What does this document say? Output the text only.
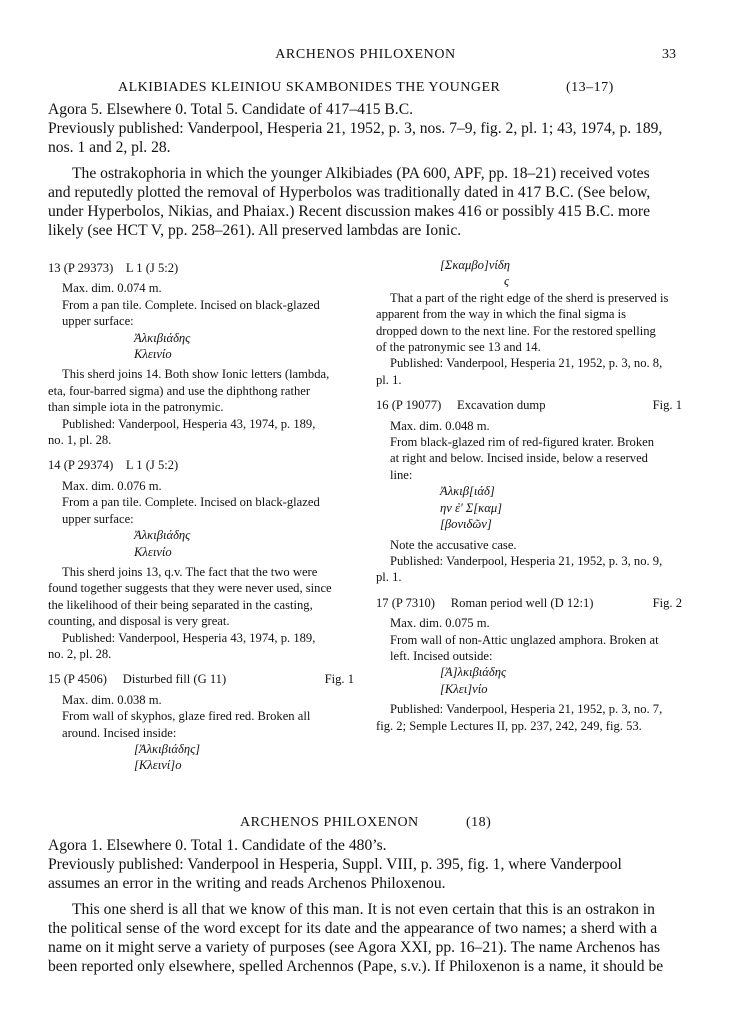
ARCHENOS PHILOXENON	33
ALKIBIADES KLEINIOU SKAMBONIDES THE YOUNGER	(13–17)
Agora 5. Elsewhere 0. Total 5. Candidate of 417–415 B.C.
Previously published: Vanderpool, Hesperia 21, 1952, p. 3, nos. 7–9, fig. 2, pl. 1; 43, 1974, p. 189,
nos. 1 and 2, pl. 28.
The ostrakophoria in which the younger Alkibiades (PA 600, APF, pp. 18–21) received votes
and reputedly plotted the removal of Hyperbolos was traditionally dated in 417 B.C. (See below,
under Hyperbolos, Nikias, and Phaiax.) Recent discussion makes 416 or possibly 415 B.C. more
likely (see HCT V, pp. 258–261). All preserved lambdas are Ionic.
13 (P 29373)    L 1 (J 5:2)

Max. dim. 0.074 m.

From a pan tile. Complete. Incised on black-glazed

upper surface:

Ἀλκιβιάδης

Κλεινίο

This sherd joins 14. Both show Ionic letters (lambda,

eta, four-barred sigma) and use the diphthong rather

than simple iota in the patronymic.

Published: Vanderpool, Hesperia 43, 1974, p. 189,

no. 1, pl. 28.

14 (P 29374)    L 1 (J 5:2)

Max. dim. 0.076 m.

From a pan tile. Complete. Incised on black-glazed

upper surface:

Ἀλκιβιάδης

Κλεινίο

This sherd joins 13, q.v. The fact that the two were

found together suggests that they were never used, since

the likelihood of their being separated in the casting,

counting, and disposal is very great.

Published: Vanderpool, Hesperia 43, 1974, p. 189,

no. 2, pl. 28.

15 (P 4506)     Disturbed fill (G 11)	Fig. 1

Max. dim. 0.038 m.

From wall of skyphos, glaze fired red. Broken all

around. Incised inside:

[Ἀλκιβιάδης]

[Κλεινί]ο

[Σκαμβο]νίδη

ς

That a part of the right edge of the sherd is preserved is

apparent from the way in which the final sigma is

dropped down to the next line. For the restored spelling

of the patronymic see 13 and 14.

Published: Vanderpool, Hesperia 21, 1952, p. 3, no. 8,

pl. 1.

16 (P 19077)     Excavation dump	Fig. 1

Max. dim. 0.048 m.

From black-glazed rim of red-figured krater. Broken

at right and below. Incised inside, below a reserved

line:

Ἀλκιβ[ιάδ]

ην ἐ' Σ[καμ]

[βονιδῶν]

Note the accusative case.

Published: Vanderpool, Hesperia 21, 1952, p. 3, no. 9,

pl. 1.

17 (P 7310)     Roman period well (D 12:1)	Fig. 2

Max. dim. 0.075 m.

From wall of non-Attic unglazed amphora. Broken at

left. Incised outside:

[Ἀ]λκιβιάδης

[Κλει]νίο

Published: Vanderpool, Hesperia 21, 1952, p. 3, no. 7,

fig. 2; Semple Lectures II, pp. 237, 242, 249, fig. 53.

ARCHENOS PHILOXENON	(18)
Agora 1. Elsewhere 0. Total 1. Candidate of the 480’s.
Previously published: Vanderpool in Hesperia, Suppl. VIII, p. 395, fig. 1, where Vanderpool
assumes an error in the writing and reads Archenos Philoxenou.
This one sherd is all that we know of this man. It is not even certain that this is an ostrakon in
the political sense of the word except for its date and the appearance of two names; a sherd with a
name on it might serve a variety of purposes (see Agora XXI, pp. 16–21). The name Archenos has
been reported only elsewhere, spelled Archennos (Pape, s.v.). If Philoxenon is a name, it should be
